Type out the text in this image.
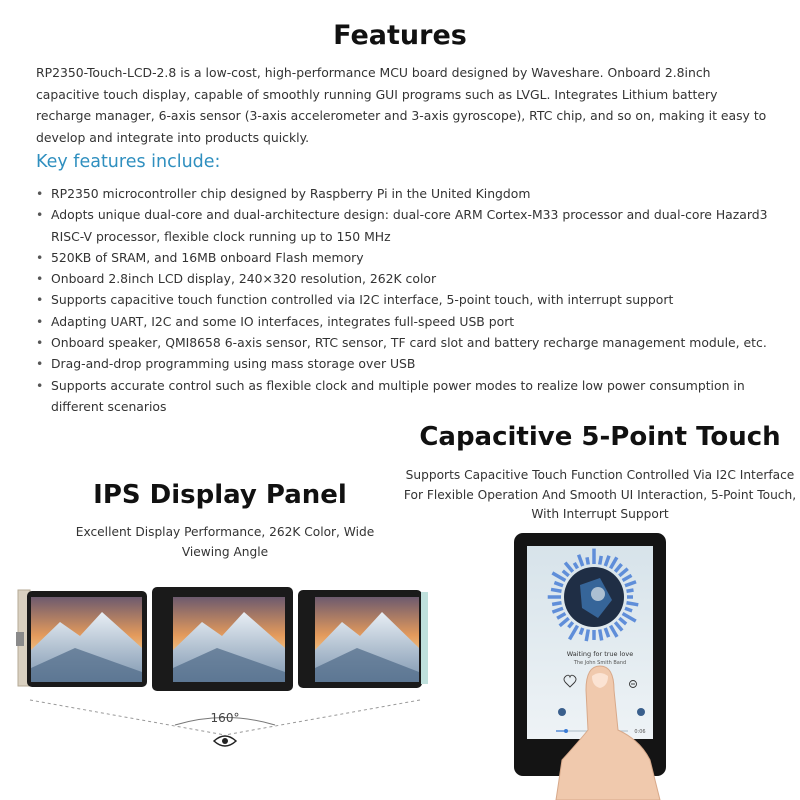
Features
RP2350-Touch-LCD-2.8 is a low-cost, high-performance MCU board designed by Waveshare. Onboard 2.8inch capacitive touch display, capable of smoothly running GUI programs such as LVGL. Integrates Lithium battery recharge manager, 6-axis sensor (3-axis accelerometer and 3-axis gyroscope), RTC chip, and so on, making it easy to develop and integrate into products quickly.
Key features include:
• RP2350 microcontroller chip designed by Raspberry Pi in the United Kingdom
• Adopts unique dual-core and dual-architecture design: dual-core ARM Cortex-M33 processor and dual-core Hazard3 RISC-V processor, flexible clock running up to 150 MHz
• 520KB of SRAM, and 16MB onboard Flash memory
• Onboard 2.8inch LCD display, 240×320 resolution, 262K color
• Supports capacitive touch function controlled via I2C interface, 5-point touch, with interrupt support
• Adapting UART, I2C and some IO interfaces, integrates full-speed USB port
• Onboard speaker, QMI8658 6-axis sensor, RTC sensor, TF card slot and battery recharge management module, etc.
• Drag-and-drop programming using mass storage over USB
• Supports accurate control such as flexible clock and multiple power modes to realize low power consumption in different scenarios
Capacitive 5-Point Touch
Supports Capacitive Touch Function Controlled Via I2C Interface For Flexible Operation And Smooth UI Interaction, 5-Point Touch, With Interrupt Support
IPS Display Panel
Excellent Display Performance, 262K Color, Wide Viewing Angle
160°
Waiting for true love
The John Smith Band
0:06
